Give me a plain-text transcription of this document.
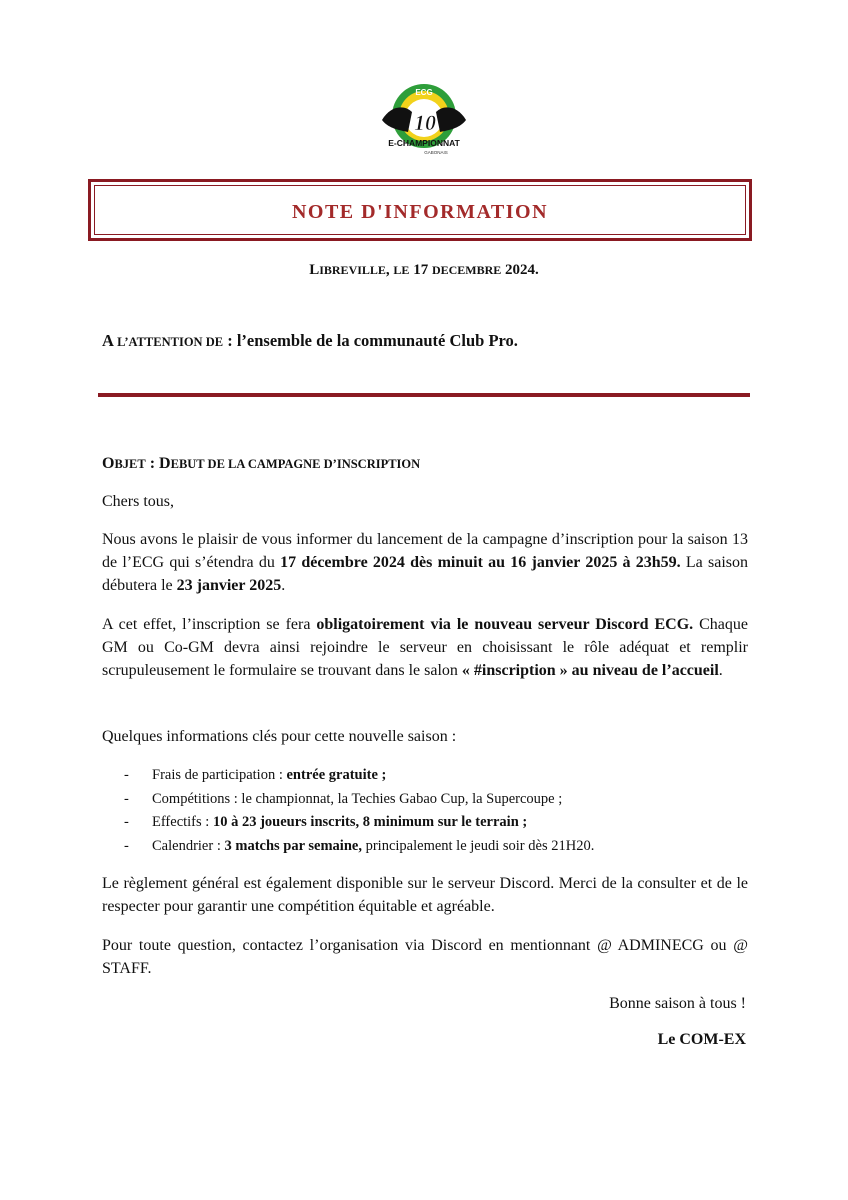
ECG
10
E-CHAMPIONNAT
GABONAIS
NOTE D'INFORMATION
LIBREVILLE, LE 17 DECEMBRE 2024.
A L’ATTENTION DE : l’ensemble de la communauté Club Pro.
OBJET : DEBUT DE LA CAMPAGNE D’INSCRIPTION
Chers tous,
Nous avons le plaisir de vous informer du lancement de la campagne d’inscription pour la saison 13 de l’ECG qui s’étendra du 17 décembre 2024 dès minuit au 16 janvier 2025 à 23h59. La saison débutera le 23 janvier 2025.
A cet effet, l’inscription se fera obligatoirement via le nouveau serveur Discord ECG. Chaque GM ou Co-GM devra ainsi rejoindre le serveur en choisissant le rôle adéquat et remplir scrupuleusement le formulaire se trouvant dans le salon « #inscription » au niveau de l’accueil.
Quelques informations clés pour cette nouvelle saison :
- Frais de participation : entrée gratuite ;
- Compétitions : le championnat, la Techies Gabao Cup, la Supercoupe ;
- Effectifs : 10 à 23 joueurs inscrits, 8 minimum sur le terrain ;
- Calendrier : 3 matchs par semaine, principalement le jeudi soir dès 21H20.
Le règlement général est également disponible sur le serveur Discord. Merci de la consulter et de le respecter pour garantir une compétition équitable et agréable.
Pour toute question, contactez l’organisation via Discord en mentionnant @ ADMINECG ou @ STAFF.
Bonne saison à tous !
Le COM-EX
